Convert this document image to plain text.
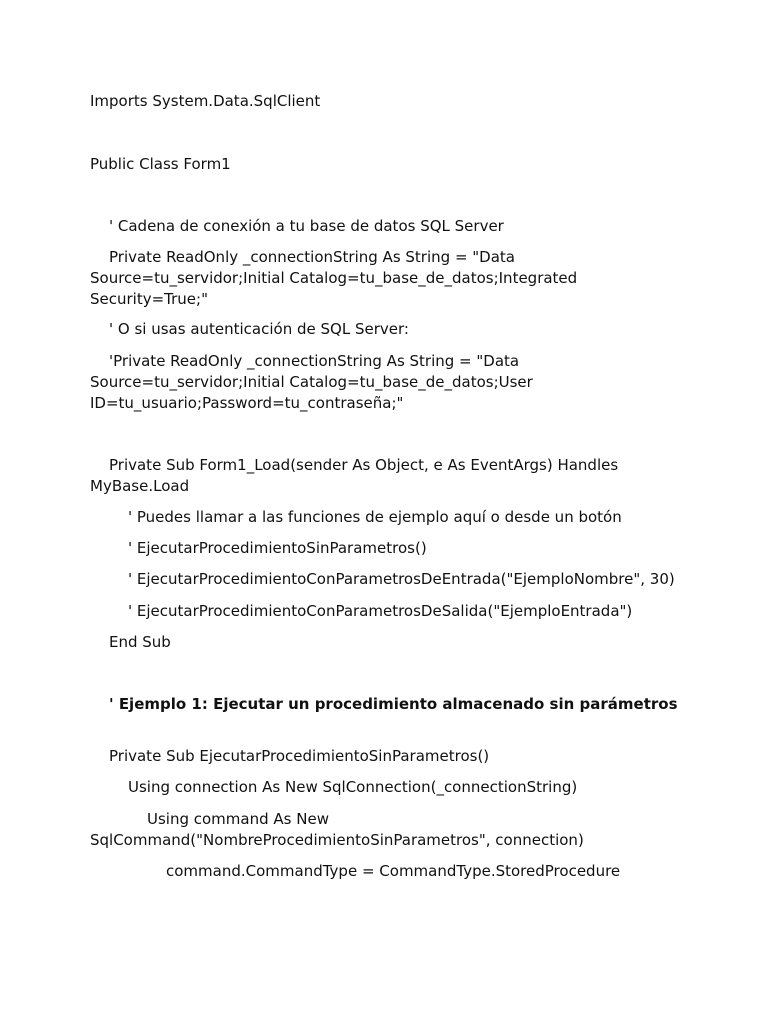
Imports System.Data.SqlClient

Public Class Form1

' Cadena de conexión a tu base de datos SQL Server

Private ReadOnly _connectionString As String = "Data Source=tu_servidor;Initial Catalog=tu_base_de_datos;Integrated Security=True;"

' O si usas autenticación de SQL Server:

'Private ReadOnly _connectionString As String = "Data Source=tu_servidor;Initial Catalog=tu_base_de_datos;User ID=tu_usuario;Password=tu_contraseña;"

Private Sub Form1_Load(sender As Object, e As EventArgs) Handles MyBase.Load

' Puedes llamar a las funciones de ejemplo aquí o desde un botón

' EjecutarProcedimientoSinParametros()

' EjecutarProcedimientoConParametrosDeEntrada("EjemploNombre", 30)

' EjecutarProcedimientoConParametrosDeSalida("EjemploEntrada")

End Sub

' Ejemplo 1: Ejecutar un procedimiento almacenado sin parámetros

Private Sub EjecutarProcedimientoSinParametros()

Using connection As New SqlConnection(_connectionString)

Using command As New SqlCommand("NombreProcedimientoSinParametros", connection)

command.CommandType = CommandType.StoredProcedure
